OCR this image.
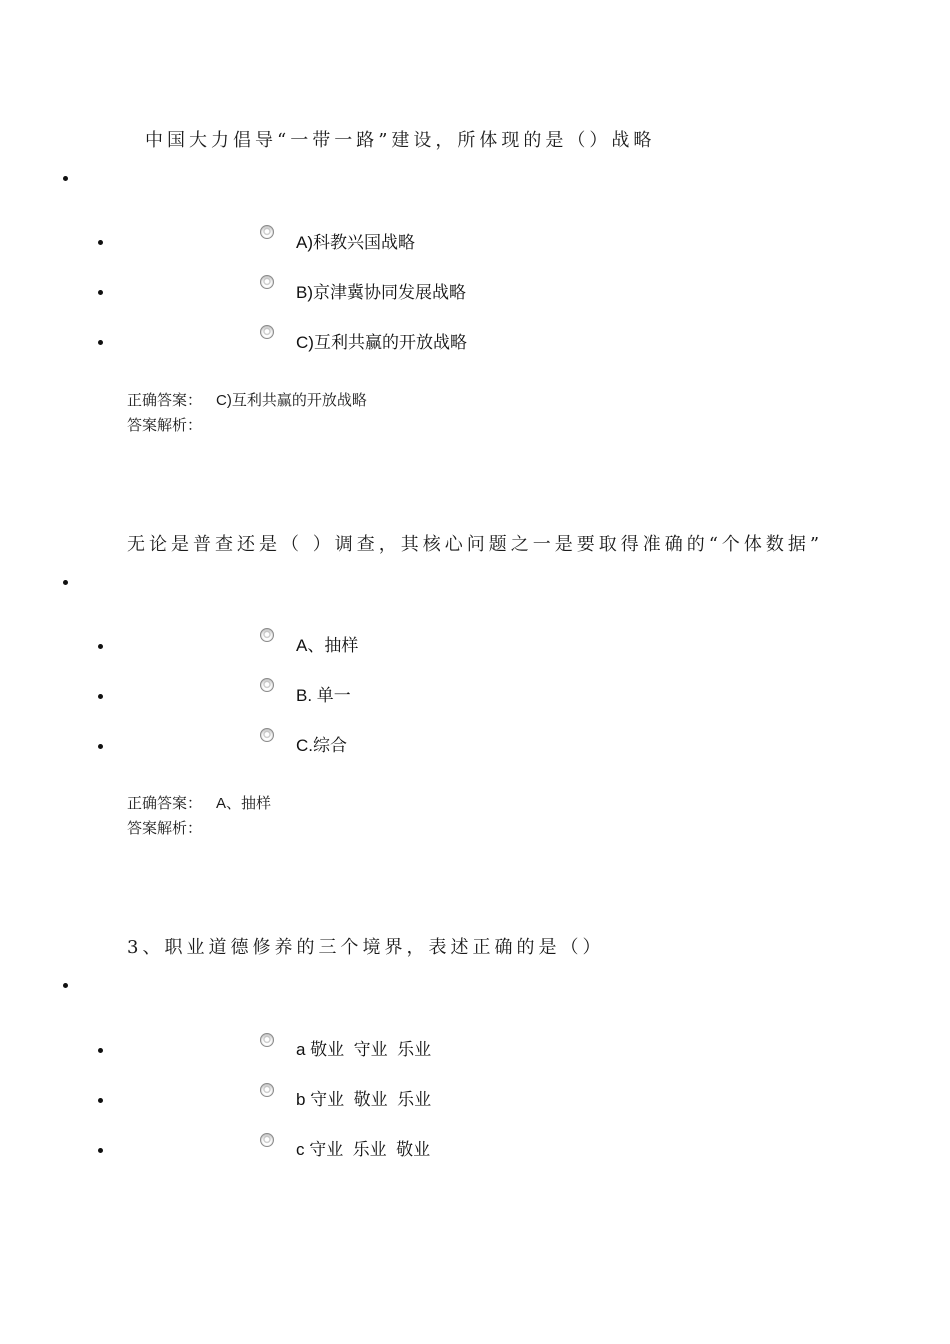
中国大力倡导“一带一路”建设，所体现的是（）战略
A)科教兴国战略
B)京津冀协同发展战略
C)互利共赢的开放战略
正确答案： C)互利共赢的开放战略
答案解析：
无论是普查还是（ ）调查，其核心问题之一是要取得准确的“个体数据”
A、抽样
B. 单一
C.综合
正确答案： A、抽样
答案解析：
3、职业道德修养的三个境界，表述正确的是（）
a 敬业  守业  乐业
b 守业  敬业  乐业
c 守业  乐业  敬业
